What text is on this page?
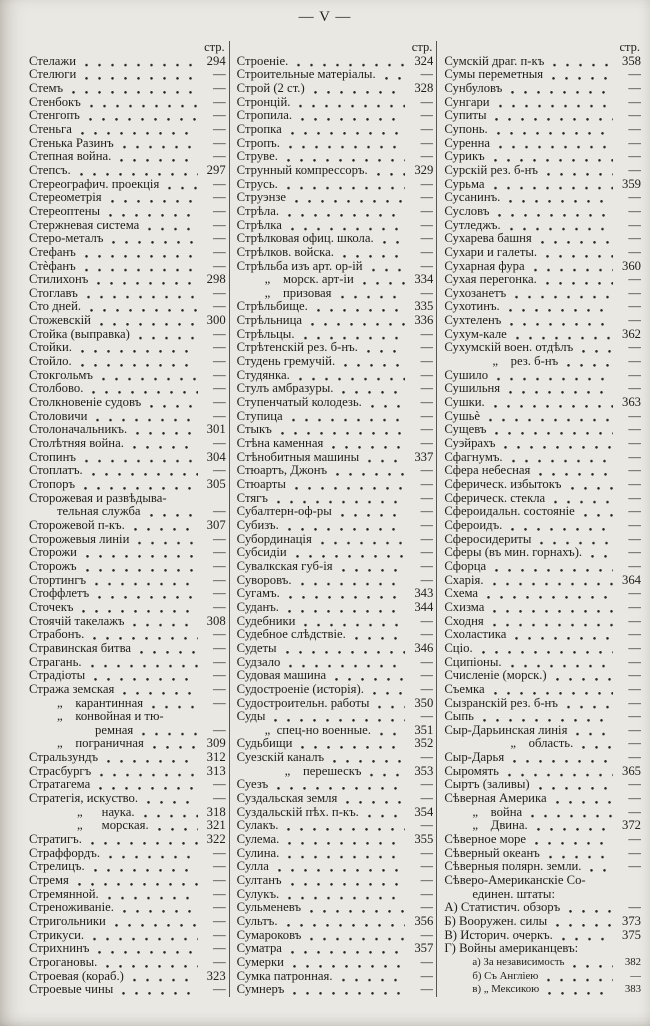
— V —
стр.
Стелажи	294
Стелюги	—
Стемъ	—
Стенбокъ	—
Стенгопъ	—
Стеньга	—
Стенька Разинъ	—
Степная война.	—
Степсъ.	297
Стереографич. проекція	—
Стереометрія	—
Стереоптены	—
Стержневая система	—
Стеро-металъ	—
Стефанъ	—
Стѐфанъ	—
Стилихонъ	298
Стоглавъ	—
Сто дней.	—
Стожевскій	300
Стойка (выправка)	—
Стойки.	—
Стойло.	—
Стокгольмъ	—
Столбово.	—
Столкновеніе судовъ	—
Столовичи	—
Столоначальникъ.	301
Столѣтняя война.	—
Стопинъ	304
Стоплатъ.	—
Стопоръ	305
Сторожевая и развѣдыва-
тельная служба	—
Сторожевой п-къ.	307
Сторожевыя линіи	—
Сторо̀жи	—
Сторожъ	—
Стортингъ	—
Стоффлетъ	—
Сточекъ	—
Стоячій такелажъ	308
Страбонъ.	—
Стравинская битва	—
Страгань.	—
Страдіоты	—
Стража земская	—
„ карантинная	—
„ конвойная и тю-
ремная	—
„ пограничная	309
Стральзундъ	312
Страсбургъ	313
Стратагема	—
Стратегія, искуство.	—
„  наука.	318
„  морская.	321
Стратигъ.	322
Страффордъ.	—
Стрелицъ.	—
Стремя	—
Стремянной.	—
Стреноживаніе.	—
Стригольники	—
Стрикуси.	—
Стрихнинъ	—
Строгановы.	—
Строевая (кораб.)	323
Строевые чины	—
стр.
Строеніе.	324
Строительные матеріалы.	—
Строй (2 ст.)	328
Стронцій.	—
Стропила.	—
Стропка	—
Стропъ.	—
Струве.	—
Струнный компрессоръ.	329
Струсь.	—
Струэнзе	—
Стрѣла.	—
Стрѣлка	—
Стрѣлковая офиц. школа.	—
Стрѣлков. войска.	—
Стрѣльба изъ арт. ор-ій	—
„ морск. арт-іи	334
„ призовая	—
Стрѣльбище.	335
Стрѣльница	336
Стрѣльцы.	—
Стрѣтенскій рез. б-нъ.	—
Студень гремучій.	—
Студянка.	—
Стулъ амбразуры.	—
Ступенчатый колодезь.	—
Ступица	—
Стыкъ	—
Стѣна каменная	—
Стѣнобитныя машины	337
Стюартъ, Джонъ	—
Стюарты	—
Стягъ	—
Субалтерн-оф-ры	—
Субизъ.	—
Субординація	—
Субсидіи	—
Сувалкская губ-ія	—
Суворовъ.	—
Сугамъ.	343
Суданъ.	344
Судебники	—
Судебное слѣдствіе.	—
Судеты	346
Судзало	—
Судовая машина	—
Судостроеніе (исторія).	—
Судостроительн. работы	350
Суды	—
„ спец-но военные.	351
Судьбищи	352
Суезскій каналъ	—
„ перешескъ	353
Суезъ	—
Суздальская земля	—
Суздальскій пѣх. п-къ.	354
Сулакъ.	—
Сулема.	355
Сулина.	—
Сулла	—
Султанъ	—
Сулукъ.	—
Сульменевъ	—
Сультъ.	356
Сумароковъ	—
Суматра	357
Сумерки	—
Сумка патронная.	—
Сумнеръ	—
стр.
Сумскій драг. п-къ	358
Сумы переметныя	—
Сунбуловъ	—
Сунгари	—
Супиты	—
Супонь.	—
Суренна	—
Сурикъ	—
Сурскій рез. б-нъ	—
Сурьма	359
Сусанинъ.	—
Сусловъ	—
Сутледжъ.	—
Сухарева башня	—
Сухари и галеты.	—
Сухарная фура	360
Сухая перегонка.	—
Сухозанетъ	—
Сухотинъ.	—
Сухтеленъ	—
Сухум-кале	362
Сухумскій воен. отдѣлъ	—
„ рез. б-нъ	—
Сушило	—
Сушильня	—
Сушки.	363
Сушьѐ	—
Сущевъ	—
Суэйрахъ	—
Сфагнумъ.	—
Сфера небесная	—
Сферическ. избытокъ	—
Сферическ. стекла	—
Сфероидальн. состояніе	—
Сфероидъ.	—
Сферосидериты	—
Сферы (въ мин. горнахъ).	—
Сфорца	—
Схарія.	364
Схема	—
Схизма	—
Сходня	—
Схоластика	—
Сціо.	—
Сципіоны.	—
Счисленіе (морск.)	—
Съемка	—
Сызранскій рез. б-нъ	—
Сыпь	—
Сыр-Дарьинская линія	—
„ область.	—
Сыр-Дарья	—
Сыромять	365
Сыртъ (заливы)	—
Сѣверная Америка	—
„ война	—
„ Двина.	372
Сѣверное море	—
Сѣверный океанъ	—
Сѣверныя полярн. земли.	—
Сѣверо-Американскіе Со-
единен. штаты:
А) Статистич. обзоръ	—
Б) Вооружен. силы	373
В) Историч. очеркъ.	375
Г) Войны американцевъ:
а) За независимость	382
б) Съ Англіею	—
в) „ Мексикою	383
